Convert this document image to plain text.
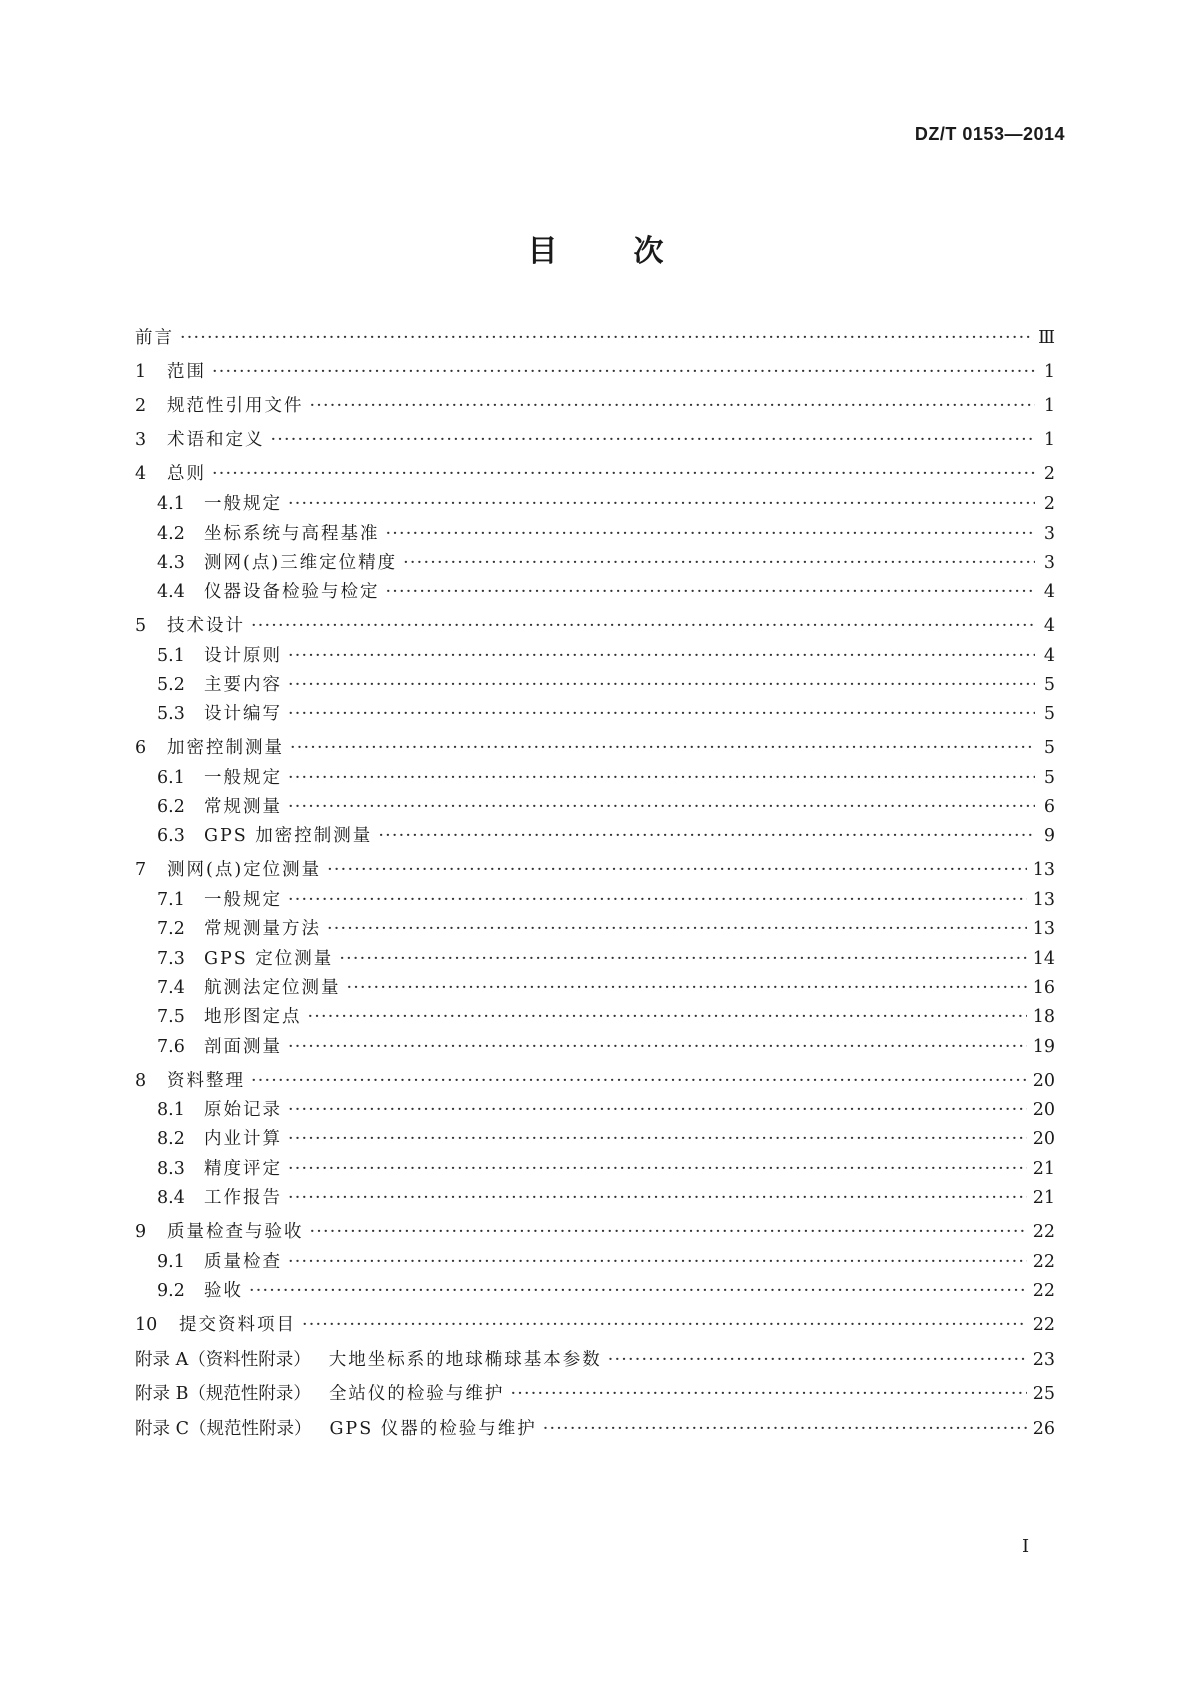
DZ/T 0153—2014
目	次
前言 ·····	Ⅲ
1	范围 ·····	1
2	规范性引用文件 ·····	1
3	术语和定义 ·····	1
4	总则 ·····	2
4.1	一般规定 ·····	2
4.2	坐标系统与高程基准 ·····	3
4.3	测网(点)三维定位精度 ·····	3
4.4	仪器设备检验与检定 ·····	4
5	技术设计 ·····	4
5.1	设计原则 ·····	4
5.2	主要内容 ·····	5
5.3	设计编写 ·····	5
6	加密控制测量 ·····	5
6.1	一般规定 ·····	5
6.2	常规测量 ·····	6
6.3	GPS 加密控制测量 ·····	9
7	测网(点)定位测量 ·····	13
7.1	一般规定 ·····	13
7.2	常规测量方法 ·····	13
7.3	GPS 定位测量 ·····	14
7.4	航测法定位测量 ·····	16
7.5	地形图定点 ·····	18
7.6	剖面测量 ·····	19
8	资料整理 ·····	20
8.1	原始记录 ·····	20
8.2	内业计算 ·····	20
8.3	精度评定 ·····	21
8.4	工作报告 ·····	21
9	质量检查与验收 ·····	22
9.1	质量检查 ·····	22
9.2	验收 ·····	22
10	提交资料项目 ·····	22
附录 A（资料性附录） 大地坐标系的地球椭球基本参数 ·····	23
附录 B（规范性附录） 全站仪的检验与维护 ·····	25
附录 C（规范性附录） GPS 仪器的检验与维护 ·····	26
I
